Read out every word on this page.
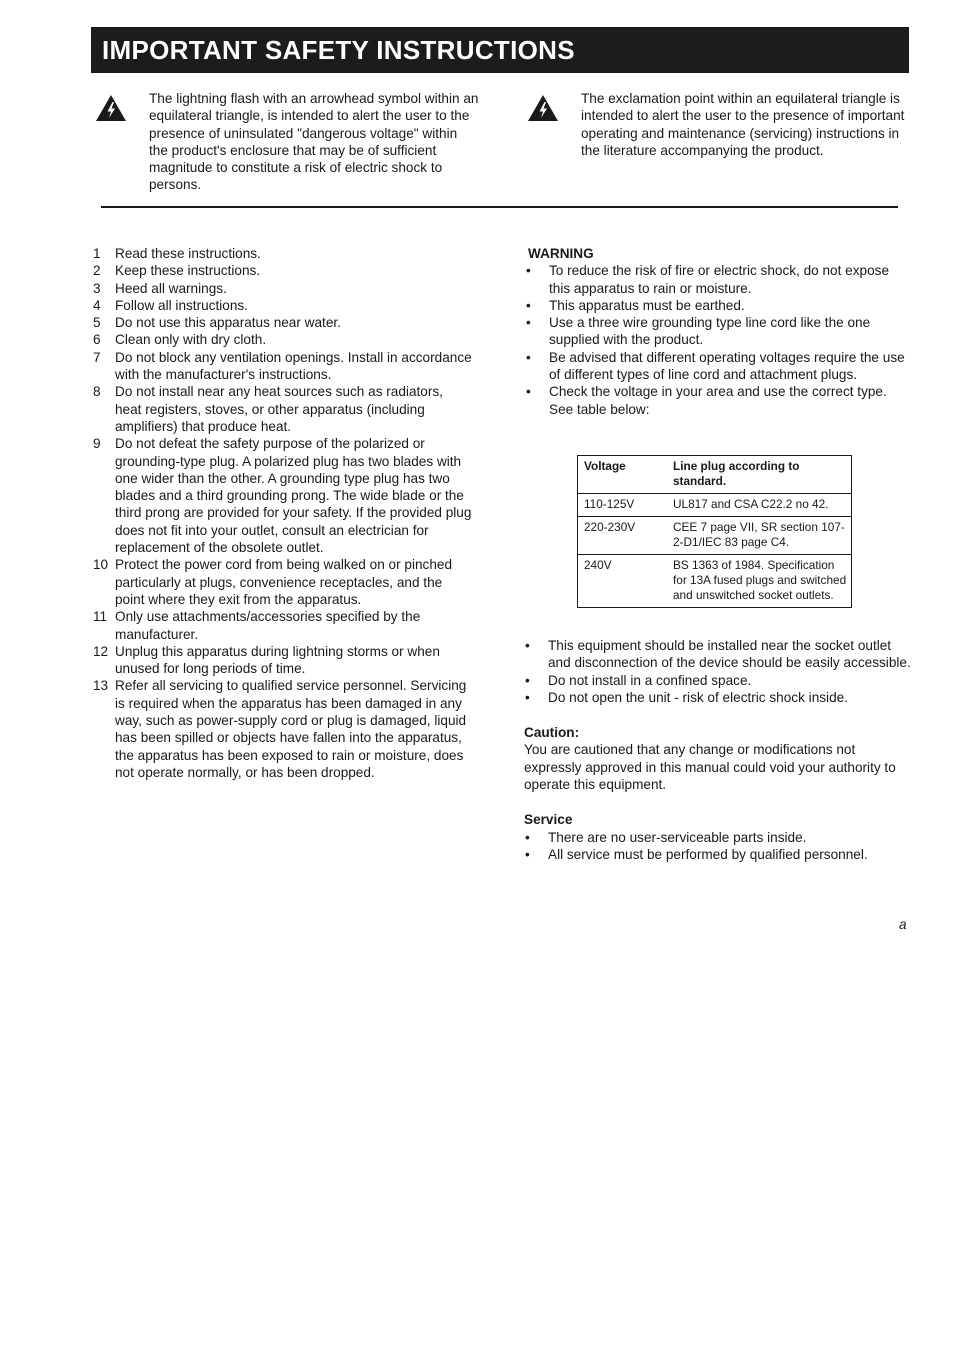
IMPORTANT SAFETY INSTRUCTIONS

The lightning flash with an arrowhead symbol within an equilateral triangle, is intended to alert the user to the presence of uninsulated "dangerous voltage" within the product's enclosure that may be of sufficient magnitude to constitute a risk of electric shock to persons.

The exclamation point within an equilateral triangle is intended to alert the user to the presence of important operating and maintenance (servicing) instructions in the literature accompanying the product.

1	Read these instructions.
2	Keep these instructions.
3	Heed all warnings.
4	Follow all instructions.
5	Do not use this apparatus near water.
6	Clean only with dry cloth.
7	Do not block any ventilation openings. Install in accordance with the manufacturer's instructions.
8	Do not install near any heat sources such as radiators, heat registers, stoves, or other apparatus (including amplifiers) that produce heat.
9	Do not defeat the safety purpose of the polarized or grounding-type plug. A polarized plug has two blades with one wider than the other. A grounding type plug has two blades and a third grounding prong. The wide blade or the third prong are provided for your safety. If the provided plug does not fit into your outlet, consult an electrician for replacement of the obsolete outlet.
10 Protect the power cord from being walked on or pinched particularly at plugs, convenience receptacles, and the point where they exit from the apparatus.
11 Only use attachments/accessories specified by the manufacturer.
12 Unplug this apparatus during lightning storms or when unused for long periods of time.
13 Refer all servicing to qualified service personnel. Servicing is required when the apparatus has been damaged in any way, such as power-supply cord or plug is damaged, liquid has been spilled or objects have fallen into the apparatus, the apparatus has been exposed to rain or moisture, does not operate normally, or has been dropped.

WARNING

•	To reduce the risk of fire or electric shock, do not expose this apparatus to rain or moisture.
•	This apparatus must be earthed.
•	Use a three wire grounding type line cord like the one supplied with the product.
•	Be advised that different operating voltages require the use of different types of line cord and attachment plugs.
•	Check the voltage in your area and use the correct type. See table below:
Voltage	Line plug according to standard.
110-125V	UL817 and CSA C22.2 no 42.
220-230V	CEE 7 page VII, SR section 107-2-D1/IEC 83 page C4.
240V	BS 1363 of 1984. Specification for 13A fused plugs and switched and unswitched socket outlets.
•	This equipment should be installed near the socket outlet and disconnection of the device should be easily accessible.
•	Do not install in a confined space.
•	Do not open the unit - risk of electric shock inside.

Caution:

You are cautioned that any change or modifications not expressly approved in this manual could void your authority to operate this equipment.

Service

•	There are no user-serviceable parts inside.
•	All service must be performed by qualified personnel.
a
